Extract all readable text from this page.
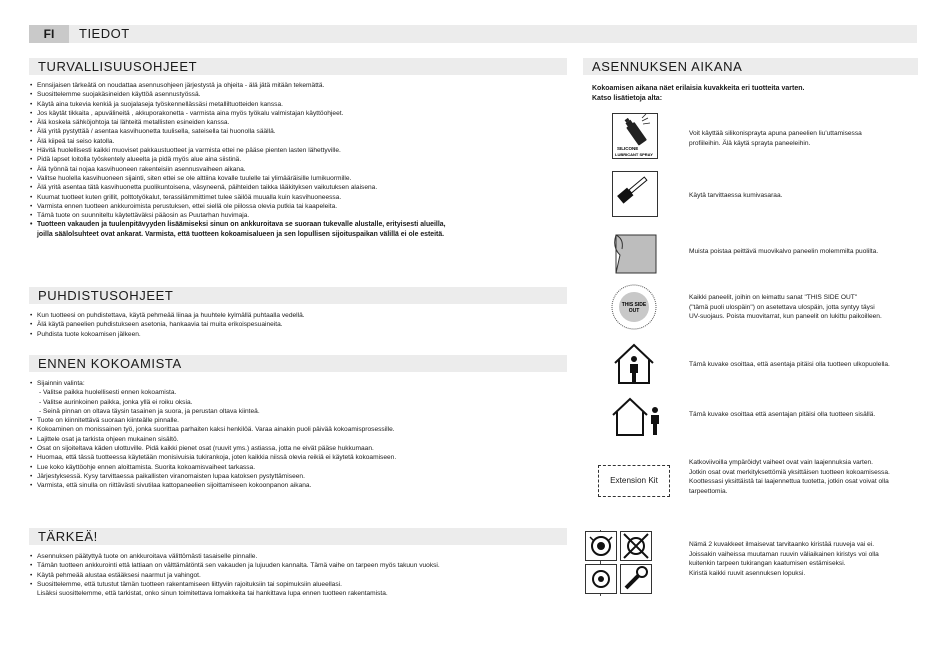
FI	TIEDOT
TURVALLISUUSOHJEET
• Ennsijaisen tärkeätä on noudattaa asennusohjeen järjestystä ja ohjeita - älä jätä mitään tekemättä.
• Suosittelemme suojakäsineiden käyttöä asennustyössä.
• Käytä aina tukevia kenkiä ja suojalaseja työskennellässäsi metalliltuotteiden kanssa.
• Jos käytät tikkaita , apuvälineitä , akkuporakonetta - varmista aina myös työkalu valmistajan käyttöohjeet.
• Älä koskela sähköjohtoja tai lähteitä metallisten esineiden kanssa.
• Älä yritä pystyttää / asentaa kasvihuonetta tuulisella, sateisella tai huonolla säällä.
• Älä kiipeä tai seiso katolla.
• Hävitä huolellisesti kaikki muoviset pakkaustuotteet ja varmista ettei ne pääse pienten lasten lähettyville.
• Pidä lapset loitolla työskentely alueelta ja pidä myös alue aina siistinä.
• Älä työnnä tai nojaa kasvihuoneen rakenteisiin asennusvaiheen aikana.
• Valitse huolella kasvihuoneen sijainti, siten ettei se ole alttiina kovalle tuulelle tai ylimääräisille lumikuormille.
• Älä yritä asentaa tätä kasvihuonetta puolikuntoisena, väsyneenä, päihteiden taikka lääkityksen vaikutuksen alaisena.
• Kuumat tuotteet kuten grillit, polttotyökalut, terassilämmittimet tulee säilöä muualla kuin kasvihuoneessa.
• Varmista ennen tuotteen ankkuroimista perustuksen, ettei siellä ole piilossa olevia putkia tai kaapeleita.
• Tämä tuote on suunniteltu käytettäväksi pääosin as Puutarhan huvimaja.
• Tuotteen vakauden ja tuulenpitävyyden lisäämiseksi sinun on ankkuroitava se suoraan tukevalle alustalle, erityisesti alueilla,
joilla säälolsuhteet ovat ankarat. Varmista, että tuotteen kokoamisalueen ja sen lopullisen sijoituspaikan välillä ei ole esteitä.
PUHDISTUSOHJEET
• Kun tuotteesi on puhdistettava, käytä pehmeää liinaa ja huuhtele kylmällä puhtaalla vedellä.
• Älä käytä paneelien puhdistukseen asetonia, hankaavia tai muita erikoispesuaineita.
• Puhdista tuote kokoamisen jälkeen.
ENNEN KOKOAMISTA
• Sijainnin valinta:
- Valitse paikka huolellisesti ennen kokoamista.
- Valitse aurinkoinen paikka, jonka yllä ei roiku oksia.
- Seinä pinnan on oltava täysin tasainen ja suora, ja perustan oltava kiinteä.
• Tuote on kiinnitettävä suoraan kiinteälle pinnalle.
• Kokoaminen on monissainen työ, jonka suorittaa parhaiten kaksi henkilöä. Varaa ainakin puoli päivää kokoamisprosessille.
• Lajittele osat ja tarkista ohjeen mukainen sisältö.
• Osat on sijoiteltava käden ulottuville. Pidä kaikki pienet osat (ruuvit yms.) astiassa, jotta ne eivät pääse hukkumaan.
• Huomaa, että tässä tuotteessa käytetään monisivuisia tukirankoja, joten kaikkia niissä olevia reikiä ei käytetä kokoamiseen.
• Lue koko käyttöohje ennen aloittamista. Suorita kokoamisvaiheet tarkassa.
• Järjestyksessä. Kysy tarvittaessa paikallisten viranomaisten lupaa katoksen pystyttämiseen.
• Varmista, että sinulla on riittävästi sivutilaa kattopaneelien sijoittamiseen kokoonpanon aikana.
TÄRKEÄ!
• Asennuksen päätyttyä tuote on ankkuroitava välittömästi tasaiselle pinnalle.
• Tämän tuotteen ankkurointi että lattiaan on välttämätöntä sen vakauden ja lujuuden kannalta. Tämä vaihe on tarpeen myös takuun vuoksi.
• Käytä pehmeää alustaa estääksesi naarmut ja vahingot.
• Suosittelemme, että tutustut tämän tuotteen rakentamiseen liittyviin rajoituksiin tai sopimuksiin alueellasi.
Lisäksi suosittelemme, että tarkistat, onko sinun toimitettava lomakkeita tai hankittava lupa ennen tuotteen rakentamista.
ASENNUKSEN AIKANA
Kokoamisen aikana näet erilaisia kuvakkeita eri tuotteita varten.
Katso lisätietoja alta:
SILICONE
LUBRICANT SPRAY
Voit käyttää silikonisprayta apuna paneelien liu'uttamisessa
profiileihin. Älä käytä sprayta paneeleihin.
Käytä tarvittaessa kumivasaraa.
Muista poistaa peittävä muovikalvo paneelin molemmilta puolilta.
THIS SIDE
OUT
Kaikki paneelit, joihin on leimattu sanat "THIS SIDE OUT"
("tämä puoli ulospäin") on asetettava ulospäin, jotta syntyy täysi
UV-suojaus. Poista muovitarrat, kun paneelit on lukittu paikoilleen.
Tämä kuvake osoittaa, että asentaja pitäisi olla tuotteen ulkopuolella.
Tämä kuvake osoittaa että asentajan pitäisi olla tuotteen sisällä.
Extension Kit
Katkoviivoilla ympäröidyt vaiheet ovat vain laajennuksia varten.
Jotkin osat ovat merkityksettömiä yksittäisen tuotteen kokoamisessa.
Koottessasi yksittäistä tai laajennettua tuotetta, jotkin osat voivat olla
tarpeettomia.
Nämä 2 kuvakkeet ilmaisevat tarvitaanko kiristää ruuveja vai ei.
Joissakin vaiheissa muutaman ruuvin väliaikainen kiristys voi olla
kuitenkin tarpeen tukirangan kaatumisen estämiseksi.
Kiristä kaikki ruuvit asennuksen lopuksi.
